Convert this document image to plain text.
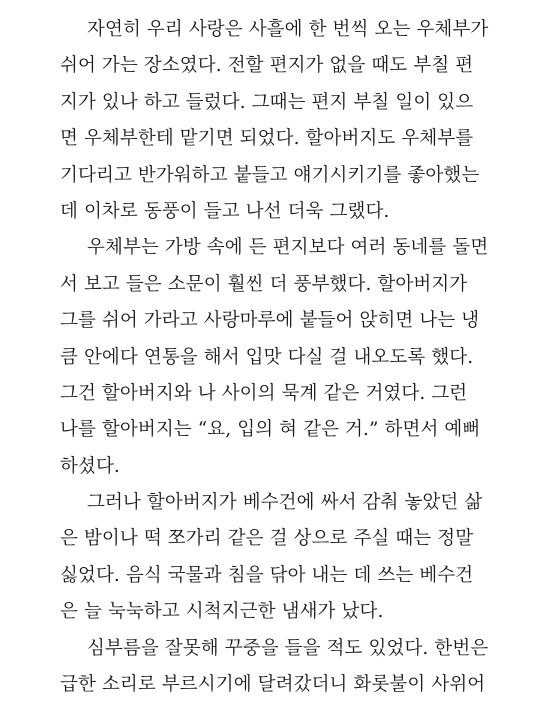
자연히 우리 사랑은 사흘에 한 번씩 오는 우체부가
쉬어 가는 장소였다. 전할 편지가 없을 때도 부칠 편
지가 있나 하고 들렀다. 그때는 편지 부칠 일이 있으
면 우체부한테 맡기면 되었다. 할아버지도 우체부를
기다리고 반가워하고 붙들고 얘기시키기를 좋아했는
데 이차로 동풍이 들고 나선 더욱 그랬다.
우체부는 가방 속에 든 편지보다 여러 동네를 돌면
서 보고 들은 소문이 훨씬 더 풍부했다. 할아버지가
그를 쉬어 가라고 사랑마루에 붙들어 앉히면 나는 냉
큼 안에다 연통을 해서 입맛 다실 걸 내오도록 했다.
그건 할아버지와 나 사이의 묵계 같은 거였다. 그런
나를 할아버지는 “요, 입의 혀 같은 거.” 하면서 예뻐
하셨다.
그러나 할아버지가 베수건에 싸서 감춰 놓았던 삶
은 밤이나 떡 쪼가리 같은 걸 상으로 주실 때는 정말
싫었다. 음식 국물과 침을 닦아 내는 데 쓰는 베수건
은 늘 눅눅하고 시척지근한 냄새가 났다.
심부름을 잘못해 꾸중을 들을 적도 있었다. 한번은
급한 소리로 부르시기에 달려갔더니 화롯불이 사위어
